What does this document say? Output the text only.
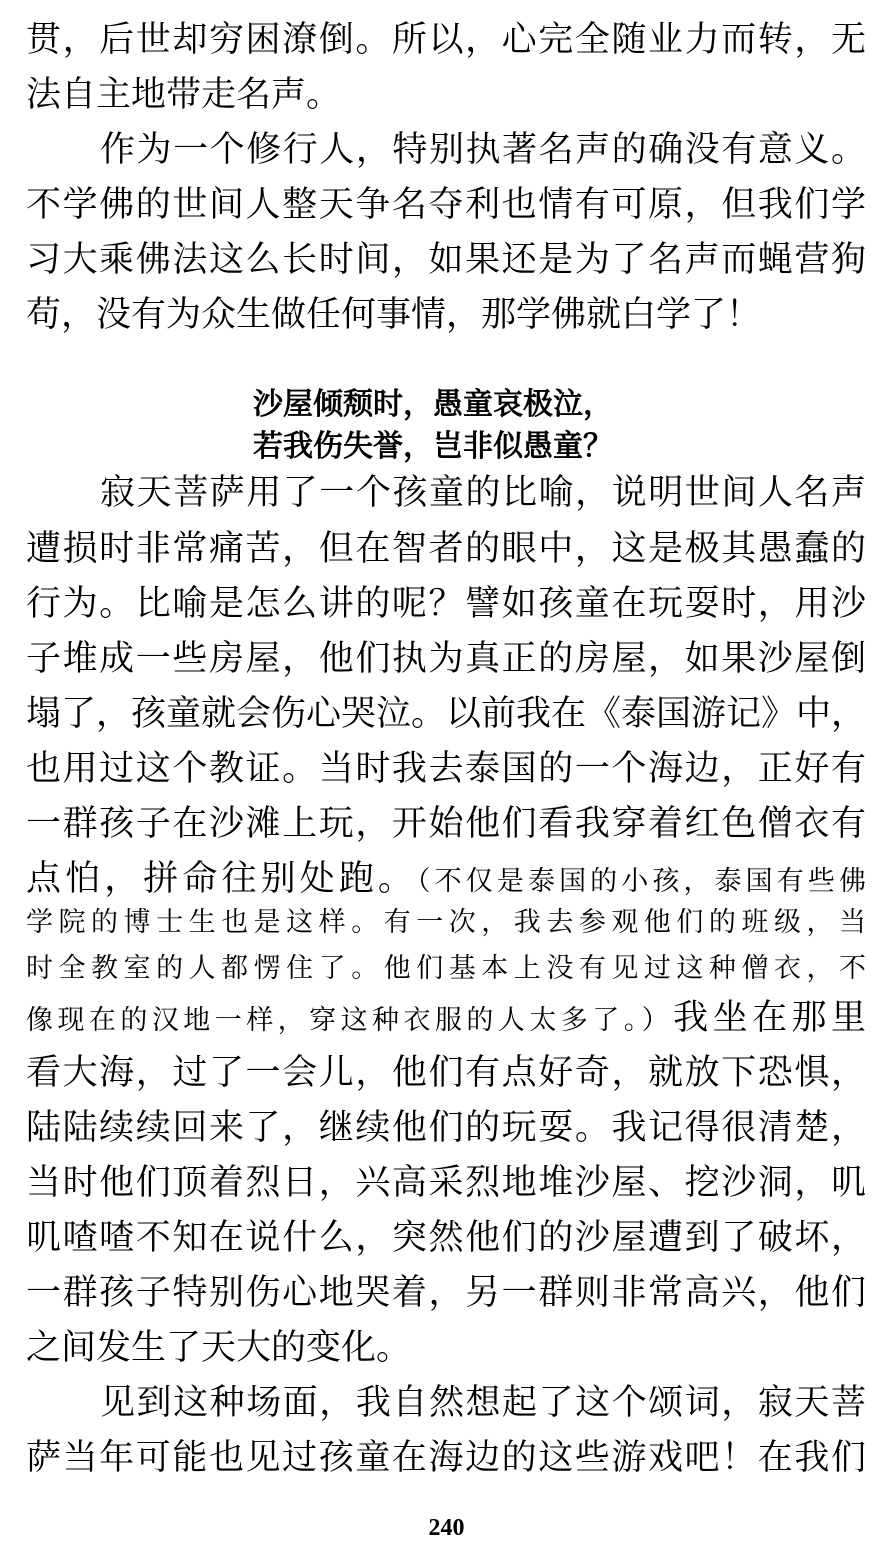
贯，后世却穷困潦倒。所以，心完全随业力而转，无
法自主地带走名声。
作为一个修行人，特别执著名声的确没有意义。
不学佛的世间人整天争名夺利也情有可原，但我们学
习大乘佛法这么长时间，如果还是为了名声而蝇营狗
苟，没有为众生做任何事情，那学佛就白学了！
沙屋倾颓时，愚童哀极泣，
若我伤失誉，岂非似愚童？
寂天菩萨用了一个孩童的比喻，说明世间人名声
遭损时非常痛苦，但在智者的眼中，这是极其愚蠢的
行为。比喻是怎么讲的呢？譬如孩童在玩耍时，用沙
子堆成一些房屋，他们执为真正的房屋，如果沙屋倒
塌了，孩童就会伤心哭泣。以前我在《泰国游记》中，
也用过这个教证。当时我去泰国的一个海边，正好有
一群孩子在沙滩上玩，开始他们看我穿着红色僧衣有
点怕，拼命往别处跑。（不仅是泰国的小孩，泰国有些佛
学院的博士生也是这样。有一次，我去参观他们的班级，当
时全教室的人都愣住了。他们基本上没有见过这种僧衣，不
像现在的汉地一样，穿这种衣服的人太多了。）我坐在那里
看大海，过了一会儿，他们有点好奇，就放下恐惧，
陆陆续续回来了，继续他们的玩耍。我记得很清楚，
当时他们顶着烈日，兴高采烈地堆沙屋、挖沙洞，叽
叽喳喳不知在说什么，突然他们的沙屋遭到了破坏，
一群孩子特别伤心地哭着，另一群则非常高兴，他们
之间发生了天大的变化。
见到这种场面，我自然想起了这个颂词，寂天菩
萨当年可能也见过孩童在海边的这些游戏吧！在我们
240
